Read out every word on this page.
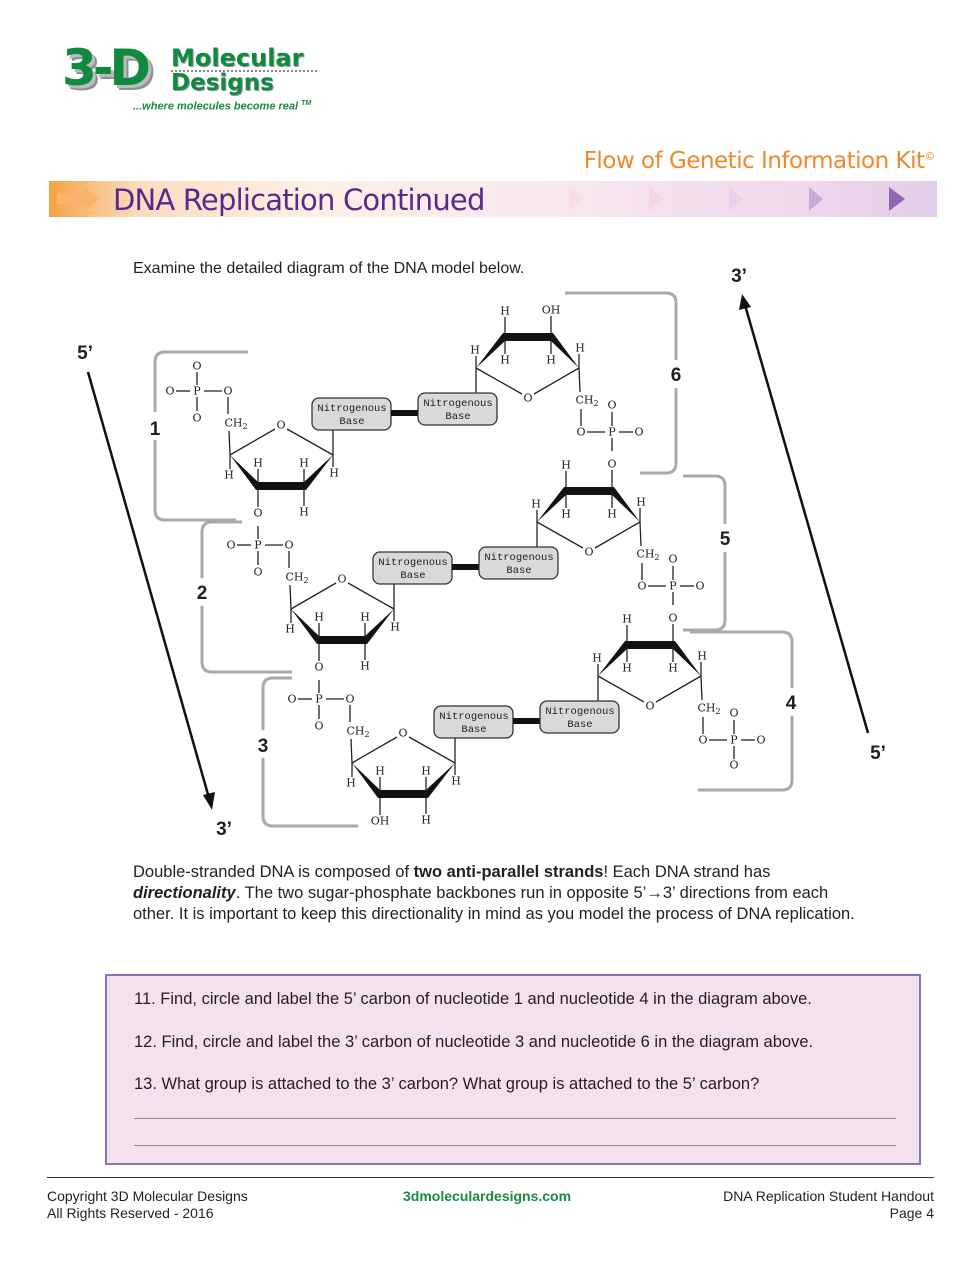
3-D Molecular
Designs
...where molecules become real ™
Flow of Genetic Information Kit©
DNA Replication Continued
Examine the detailed diagram of the DNA model below.
1
2
3
4
5
6
5’
3’
3’
5’
P
O	O
O
O
$CH_2$	O
H
H	H
H
H
O
Nitrogenous
Base
P
O	O
O $CH_2$	O
H
H	H
H
H
O
Nitrogenous
Base
P
O	O
O $CH_2$	O
H
H	H
H
H
OH
Nitrogenous
Base
P O
O
O
O
$CH_2$
O
H
H
H
H
H	O
Nitrogenous
Base
P O
O
O
$CH_2$
O
H
H
H
H
H	O
Nitrogenous
Base
P O
O
O
$CH_2$
O
H
H
H
H
H	OH
Nitrogenous
Base
Double-stranded DNA is composed of two anti-parallel strands! Each DNA strand has directionality. The two sugar-phosphate backbones run in opposite 5’→3’ directions from each other. It is important to keep this directionality in mind as you model the process of DNA replication.
11. Find, circle and label the 5’ carbon of nucleotide 1 and nucleotide 4 in the diagram above.
12. Find, circle and label the 3’ carbon of nucleotide 3 and nucleotide 6 in the diagram above.
13. What group is attached to the 3’ carbon? What group is attached to the 5’ carbon?
Copyright 3D Molecular Designs
All Rights Reserved - 2016
3dmoleculardesigns.com	DNA Replication Student Handout
Page 4
